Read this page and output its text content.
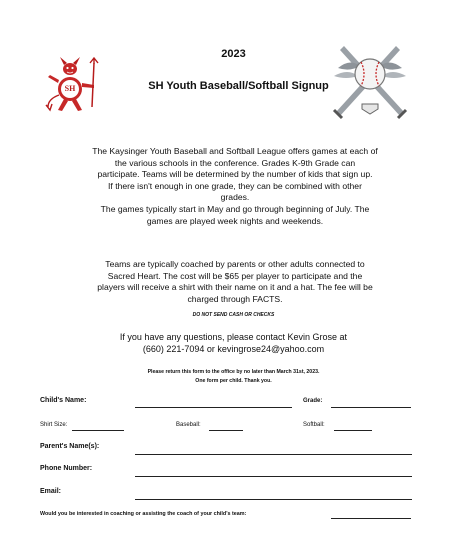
2023
SH Youth Baseball/Softball Signup
SH
The Kaysinger Youth Baseball and Softball League offers games at each of
the various schools in the conference. Grades K-9th Grade can
participate. Teams will be determined by the number of kids that sign up.
If there isn't enough in one grade, they can be combined with other
grades.
The games typically start in May and go through beginning of July. The
games are played week nights and weekends.
Teams are typically coached by parents or other adults connected to
Sacred Heart. The cost will be $65 per player to participate and the
players will receive a shirt with their name on it and a hat. The fee will be
charged through FACTS.
DO NOT SEND CASH OR CHECKS
If you have any questions, please contact Kevin Grose at
(660) 221-7094 or kevingrose24@yahoo.com
Please return this form to the office by no later than March 31st, 2023.
One form per child. Thank you.
Child's Name:	Grade:
Shirt Size:	Baseball:	Softball:
Parent's Name(s):
Phone Number:
Email:
Would you be interested in coaching or assisting the coach of your child's team:
